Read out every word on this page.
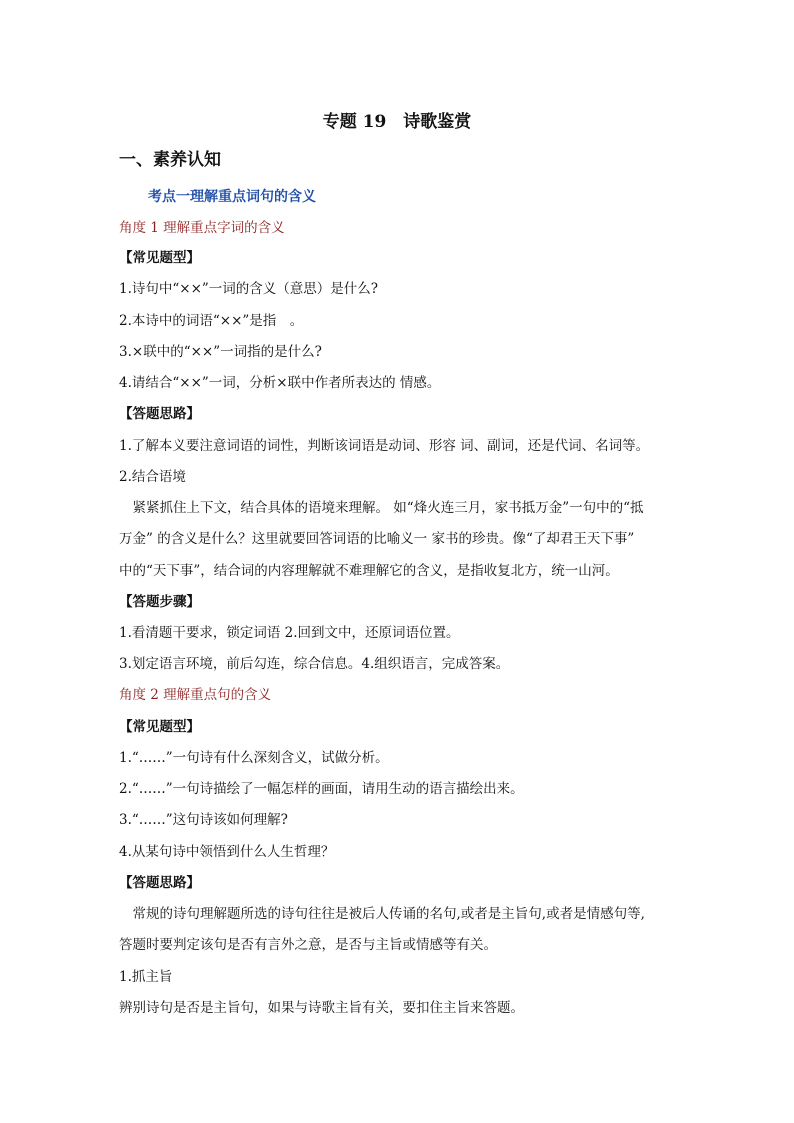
专题 19　诗歌鉴赏
一、素养认知
考点一理解重点词句的含义
角度 1 理解重点字词的含义
【常见题型】
1.诗句中“××”一词的含义（意思）是什么?
2.本诗中的词语“××”是指　。
3.×联中的“××”一词指的是什么?
4.请结合“××”一词，分析×联中作者所表达的 情感。
【答题思路】
1.了解本义要注意词语的词性，判断该词语是动词、形容 词、副词，还是代词、名词等。
2.结合语境
　紧紧抓住上下文，结合具体的语境来理解。 如“烽火连三月，家书抵万金”一句中的“抵
万金” 的含义是什么？这里就要回答词语的比喻义一 家书的珍贵。像“了却君王天下事”
中的“天下事”，结合词的内容理解就不难理解它的含义，是指收复北方，统一山河。
【答题步骤】
1.看清题干要求，锁定词语 2.回到文中，还原词语位置。
3.划定语言环境，前后勾连，综合信息。4.组织语言，完成答案。
角度 2 理解重点句的含义
【常见题型】
1.“……”一句诗有什么深刻含义，试做分析。
2.“……”一句诗描绘了一幅怎样的画面，请用生动的语言描绘出来。
3.“……”这句诗该如何理解?
4.从某句诗中领悟到什么人生哲理？
【答题思路】
　常规的诗句理解题所选的诗句往往是被后人传诵的名句,或者是主旨句,或者是情感句等,
答题时要判定该句是否有言外之意，是否与主旨或情感等有关。
1.抓主旨
辨别诗句是否是主旨句，如果与诗歌主旨有关，要扣住主旨来答题。
